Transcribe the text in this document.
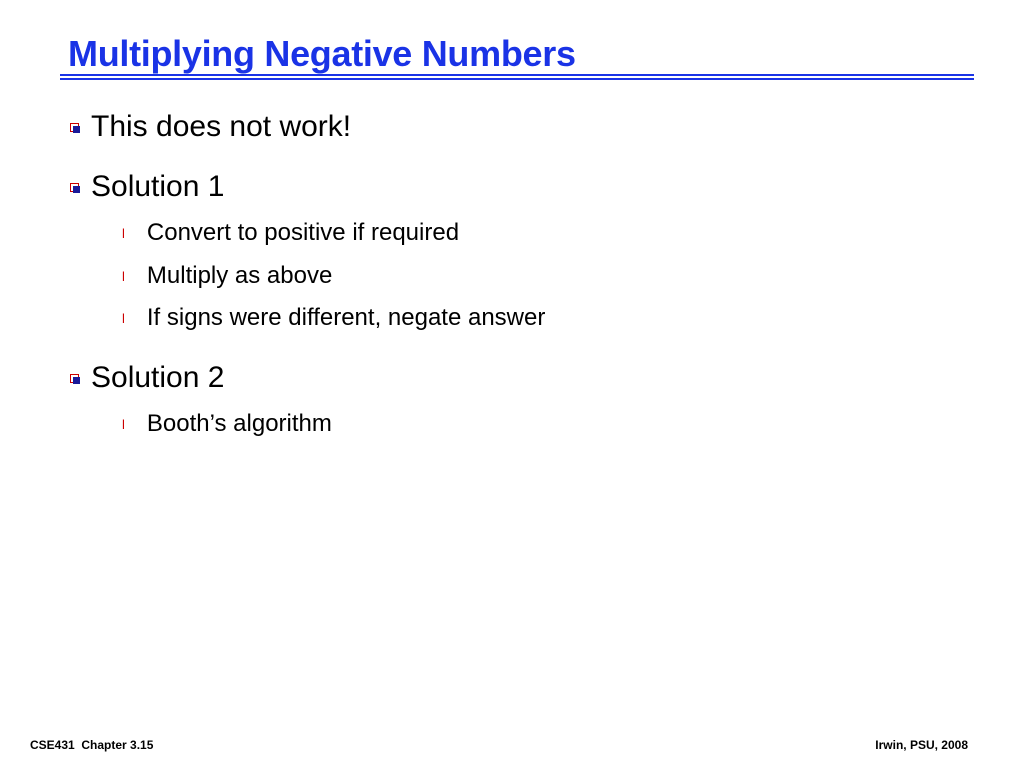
Multiplying Negative Numbers
This does not work!
Solution 1
l Convert to positive if required
l Multiply as above
l If signs were different, negate answer
Solution 2
l Booth’s algorithm
CSE431  Chapter 3.15	Irwin, PSU, 2008
